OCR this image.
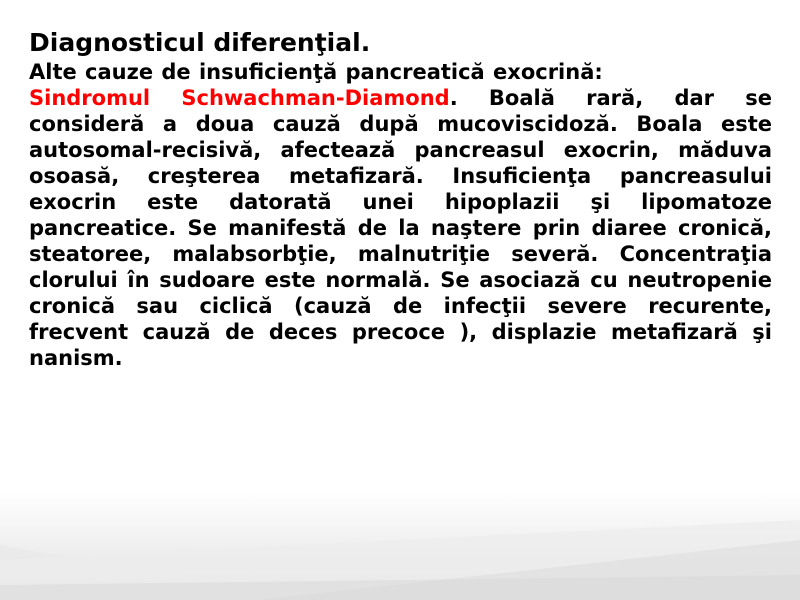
Diagnosticul diferenţial.

Alte cauze de insuficienţă pancreatică exocrină:

Sindromul Schwachman-Diamond. Boală rară, dar se consideră a doua cauză după mucoviscidoză. Boala este autosomal-recisivă, afectează pancreasul exocrin, măduva osoasă, creşterea metafizară. Insuficienţa pancreasului exocrin este datorată unei hipoplazii şi lipomatoze pancreatice. Se manifestă de la naştere prin diaree cronică, steatoree, malabsorbţie, malnutriţie severă. Concentraţia clorului în sudoare este normală. Se asociază cu neutropenie cronică sau ciclică (cauză de infecţii severe recurente, frecvent cauză de deces precoce ), displazie metafizară şi nanism.
